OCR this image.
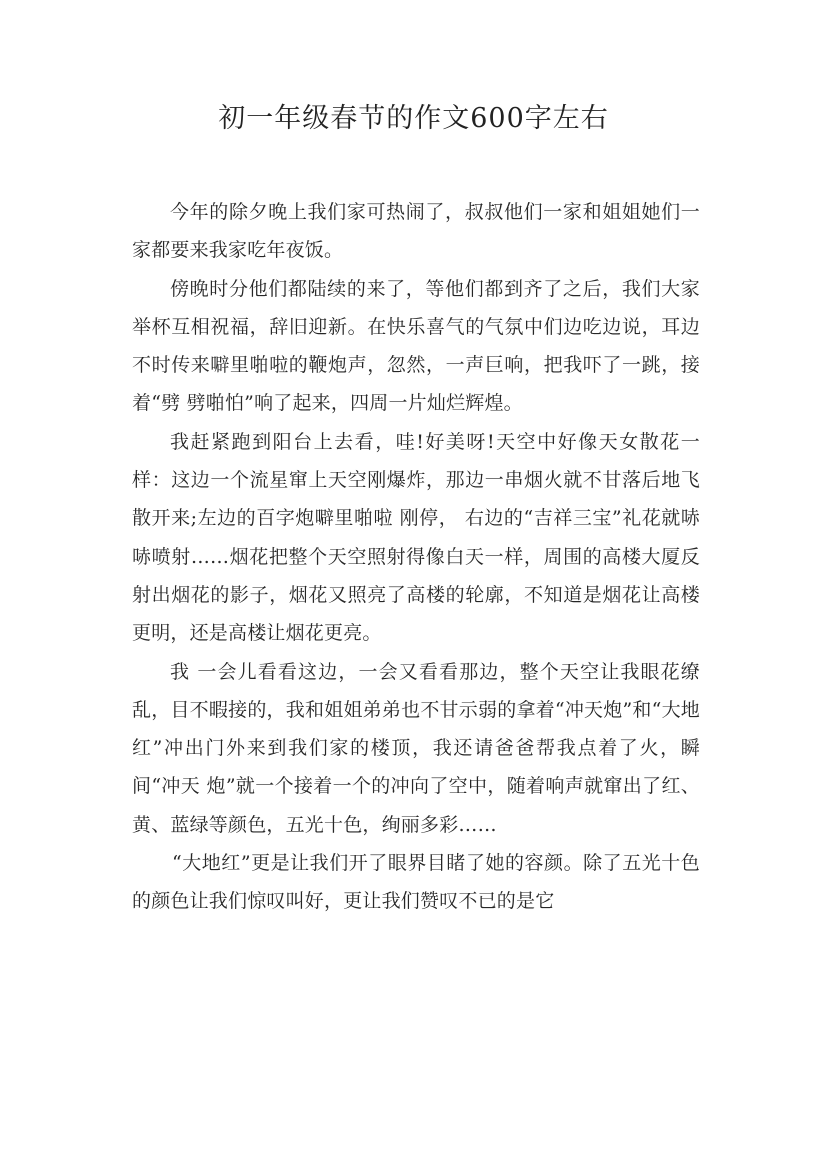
初一年级春节的作文600字左右

今年的除夕晚上我们家可热闹了，叔叔他们一家和姐姐她们一家都要来我家吃年夜饭。

傍晚时分他们都陆续的来了，等他们都到齐了之后，我们大家举杯互相祝福，辞旧迎新。在快乐喜气的气氛中们边吃边说，耳边不时传来噼里啪啦的鞭炮声，忽然，一声巨响，把我吓了一跳，接着“劈 劈啪怕”响了起来，四周一片灿烂辉煌。

我赶紧跑到阳台上去看，哇!好美呀!天空中好像天女散花一样：这边一个流星窜上天空刚爆炸，那边一串烟火就不甘落后地飞散开来;左边的百字炮噼里啪啦 刚停， 右边的“吉祥三宝”礼花就哧哧喷射……烟花把整个天空照射得像白天一样，周围的高楼大厦反射出烟花的影子，烟花又照亮了高楼的轮廓，不知道是烟花让高楼更明，还是高楼让烟花更亮。

我 一会儿看看这边，一会又看看那边，整个天空让我眼花缭乱，目不暇接的，我和姐姐弟弟也不甘示弱的拿着“冲天炮”和“大地红”冲出门外来到我们家的楼顶，我还请爸爸帮我点着了火，瞬间“冲天 炮”就一个接着一个的冲向了空中，随着响声就窜出了红、黄、蓝绿等颜色，五光十色，绚丽多彩……

“大地红”更是让我们开了眼界目睹了她的容颜。除了五光十色的颜色让我们惊叹叫好，更让我们赞叹不已的是它
